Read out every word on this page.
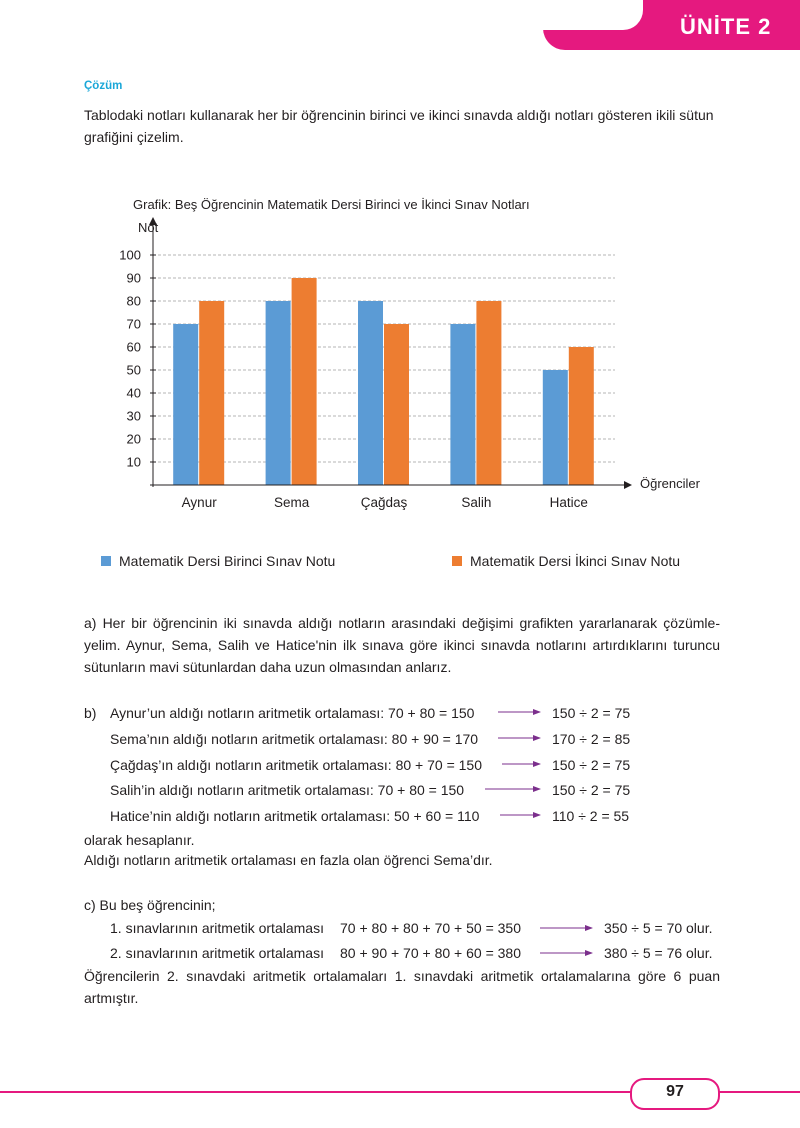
ÜNİTE 2
Çözüm
Tablodaki notları kullanarak her bir öğrencinin birinci ve ikinci sınavda aldığı notları gösteren ikili sütun grafiğini çizelim.
Grafik: Beş Öğrencinin Matematik Dersi Birinci ve İkinci Sınav Notları
Not
Öğrenciler
10
20
30
40
50
60
70
80
90
100
Aynur	Sema	Çağdaş	Salih	Hatice
Matematik Dersi Birinci Sınav Notu	Matematik Dersi İkinci Sınav Notu
a) Her bir öğrencinin iki sınavda aldığı notların arasındaki değişimi grafikten yararlanarak çözümle-yelim. Aynur, Sema, Salih ve Hatice'nin ilk sınava göre ikinci sınavda notlarını artırdıklarını turuncu sütunların mavi sütunlardan daha uzun olmasından anlarız.
b) Aynur’un aldığı notların aritmetik ortalaması: 70 + 80 = 150	150 ÷ 2 = 75
Sema’nın aldığı notların aritmetik ortalaması: 80 + 90 = 170	170 ÷ 2 = 85
Çağdaş’ın aldığı notların aritmetik ortalaması: 80 + 70 = 150	150 ÷ 2 = 75
Salih’in aldığı notların aritmetik ortalaması: 70 + 80 = 150	150 ÷ 2 = 75
Hatice’nin aldığı notların aritmetik ortalaması: 50 + 60 = 110	110 ÷ 2 = 55
olarak hesaplanır.
Aldığı notların aritmetik ortalaması en fazla olan öğrenci Sema’dır.
c) Bu beş öğrencinin;
1. sınavlarının aritmetik ortalaması 70 + 80 + 80 + 70 + 50 = 350	350 ÷ 5 = 70 olur.
2. sınavlarının aritmetik ortalaması 80 + 90 + 70 + 80 + 60 = 380	380 ÷ 5 = 76 olur.
Öğrencilerin 2. sınavdaki aritmetik ortalamaları 1. sınavdaki aritmetik ortalamalarına göre 6 puan artmıştır.
97
